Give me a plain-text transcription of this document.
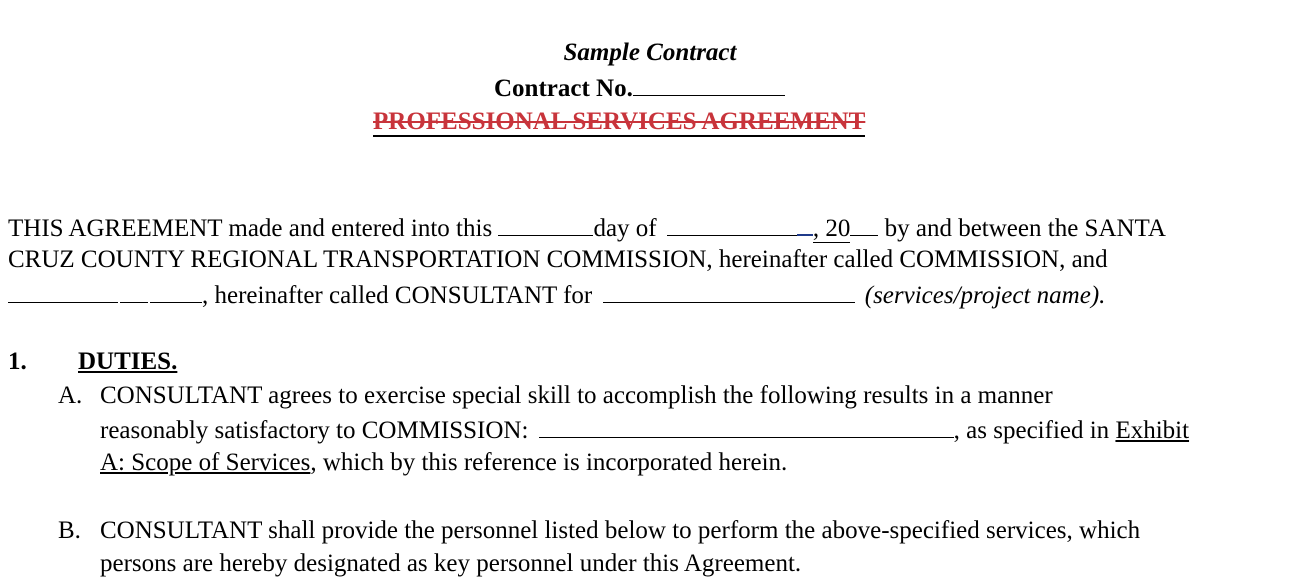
Sample Contract
Contract No.
PROFESSIONAL SERVICES AGREEMENT
THIS AGREEMENT made and entered into this	day of	, 20 by and between the SANTA
CRUZ COUNTY REGIONAL TRANSPORTATION COMMISSION, hereinafter called COMMISSION, and
, hereinafter called CONSULTANT for	(services/project name).
1. DUTIES.
A. CONSULTANT agrees to exercise special skill to accomplish the following results in a manner
reasonably satisfactory to COMMISSION:	, as specified in Exhibit
A: Scope of Services, which by this reference is incorporated herein.
B. CONSULTANT shall provide the personnel listed below to perform the above-specified services, which
persons are hereby designated as key personnel under this Agreement.
